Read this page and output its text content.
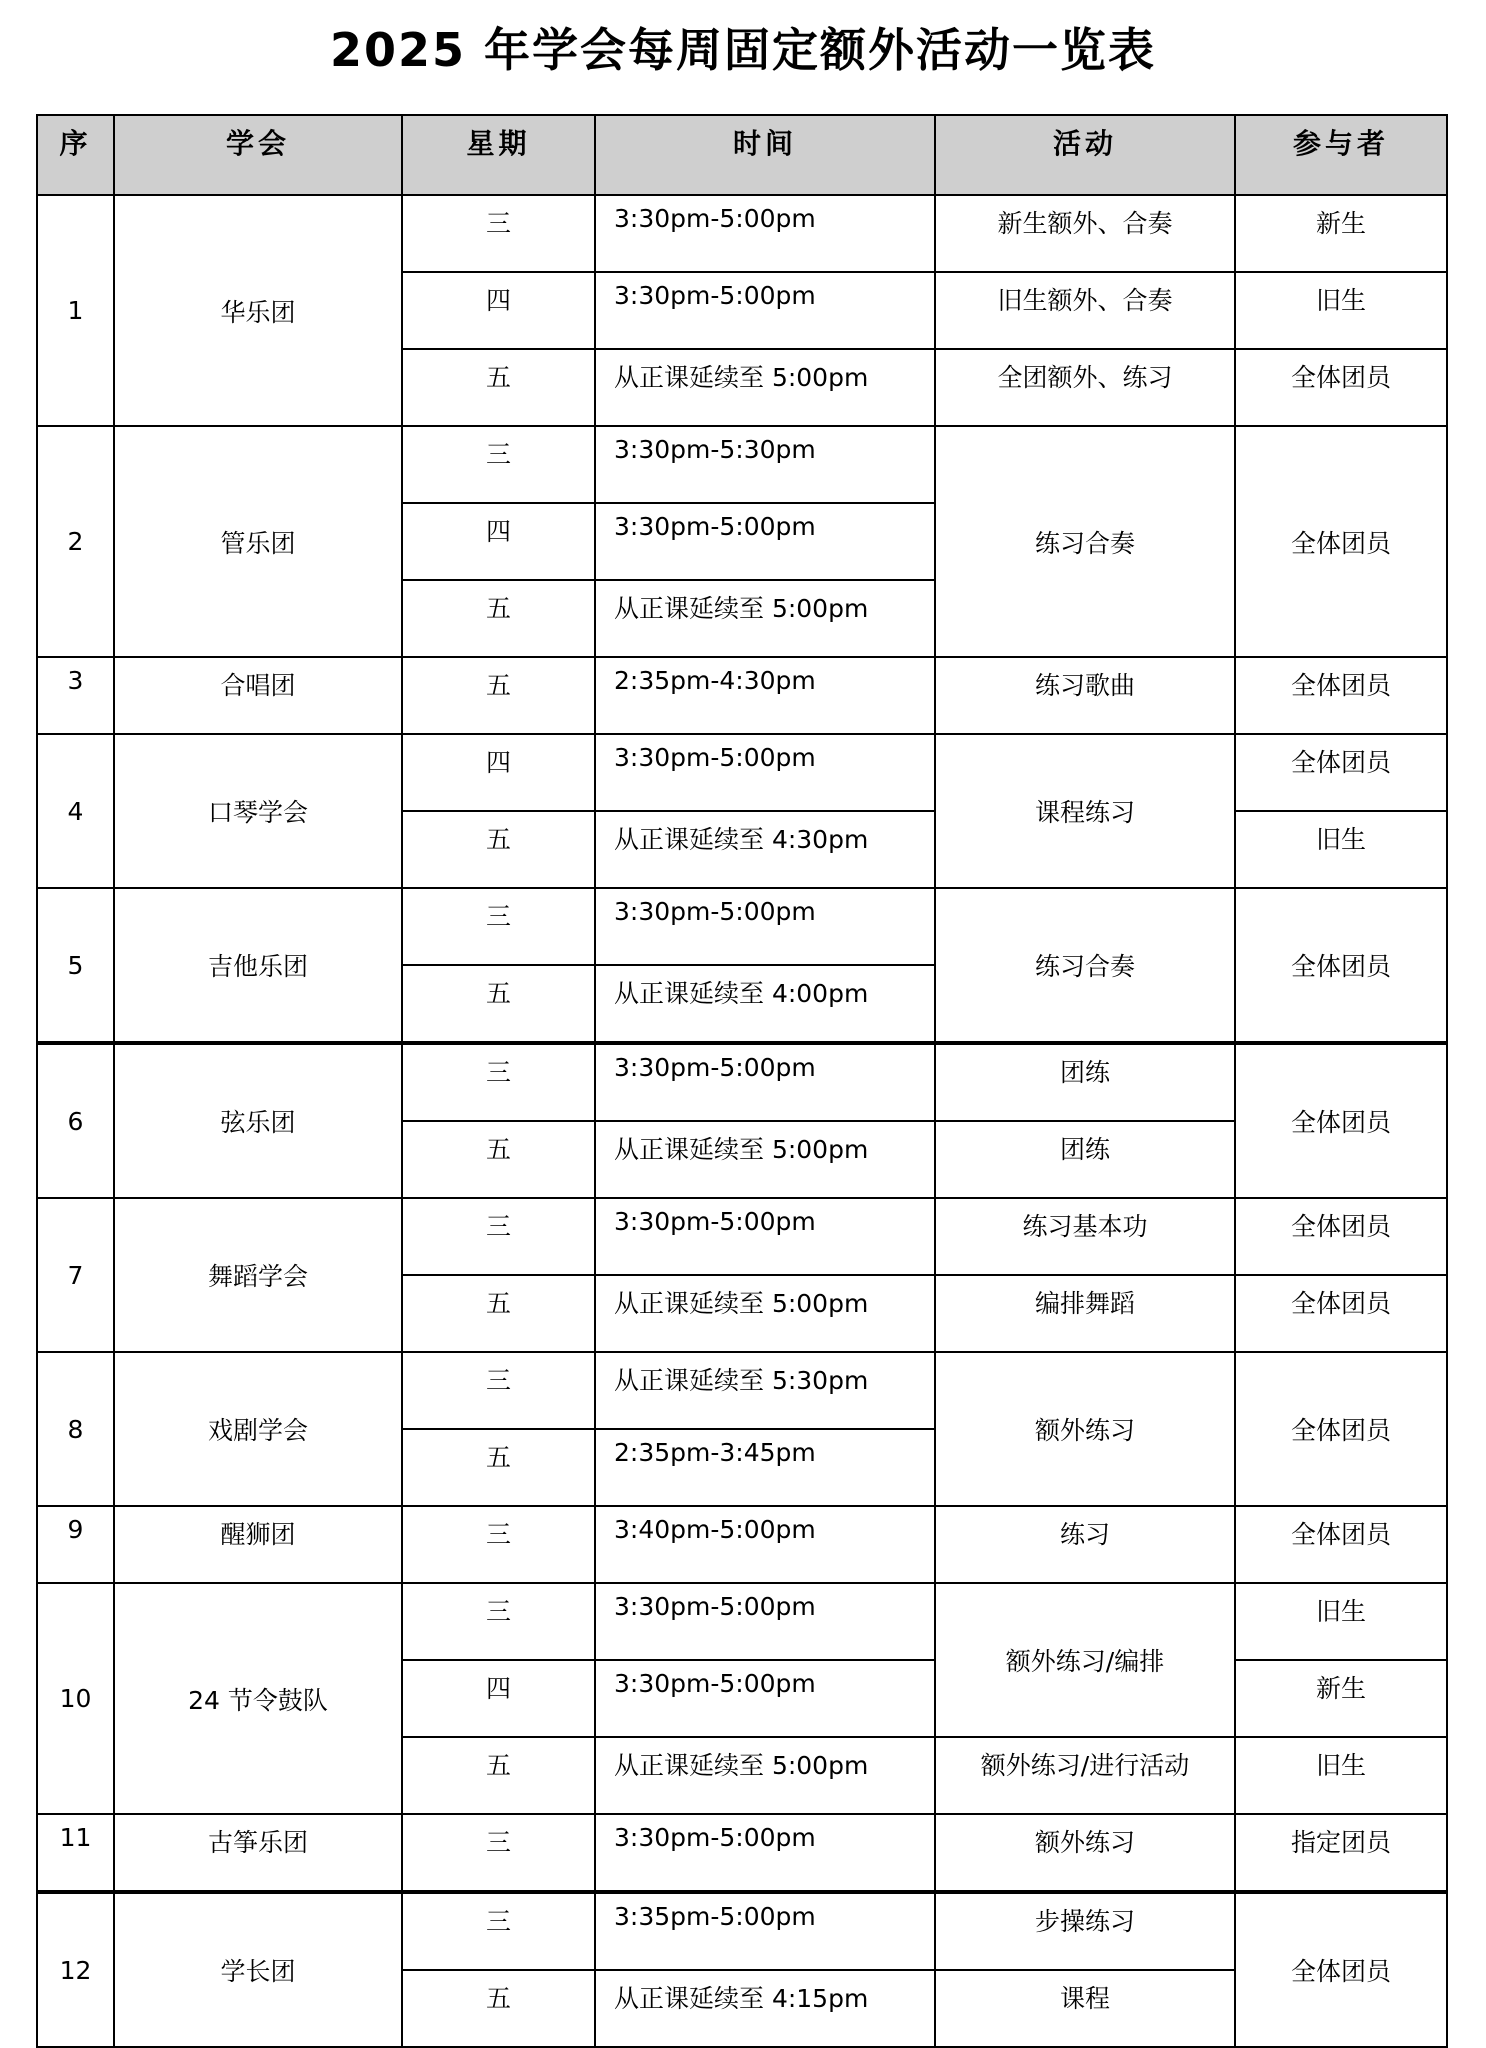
2025 年学会每周固定额外活动一览表
序	学会	星期	时间	活动	参与者
1	华乐团	三	3:30pm-5:00pm	新生额外、合奏	新生
		四	3:30pm-5:00pm	旧生额外、合奏	旧生
		五	从正课延续至 5:00pm	全团额外、练习	全体团员
2	管乐团	三	3:30pm-5:30pm	练习合奏	全体团员
		四	3:30pm-5:00pm		
		五	从正课延续至 5:00pm		
3	合唱团	五	2:35pm-4:30pm	练习歌曲	全体团员
4	口琴学会	四	3:30pm-5:00pm	课程练习	全体团员
		五	从正课延续至 4:30pm		旧生
5	吉他乐团	三	3:30pm-5:00pm	练习合奏	全体团员
		五	从正课延续至 4:00pm		
6	弦乐团	三	3:30pm-5:00pm	团练	全体团员
		五	从正课延续至 5:00pm	团练	
7	舞蹈学会	三	3:30pm-5:00pm	练习基本功	全体团员
		五	从正课延续至 5:00pm	编排舞蹈	全体团员
8	戏剧学会	三	从正课延续至 5:30pm	额外练习	全体团员
		五	2:35pm-3:45pm		
9	醒狮团	三	3:40pm-5:00pm	练习	全体团员
10	24 节令鼓队	三	3:30pm-5:00pm	额外练习/编排	旧生
		四	3:30pm-5:00pm		新生
		五	从正课延续至 5:00pm	额外练习/进行活动	旧生
11	古筝乐团	三	3:30pm-5:00pm	额外练习	指定团员
12	学长团	三	3:35pm-5:00pm	步操练习	全体团员
		五	从正课延续至 4:15pm	课程	
